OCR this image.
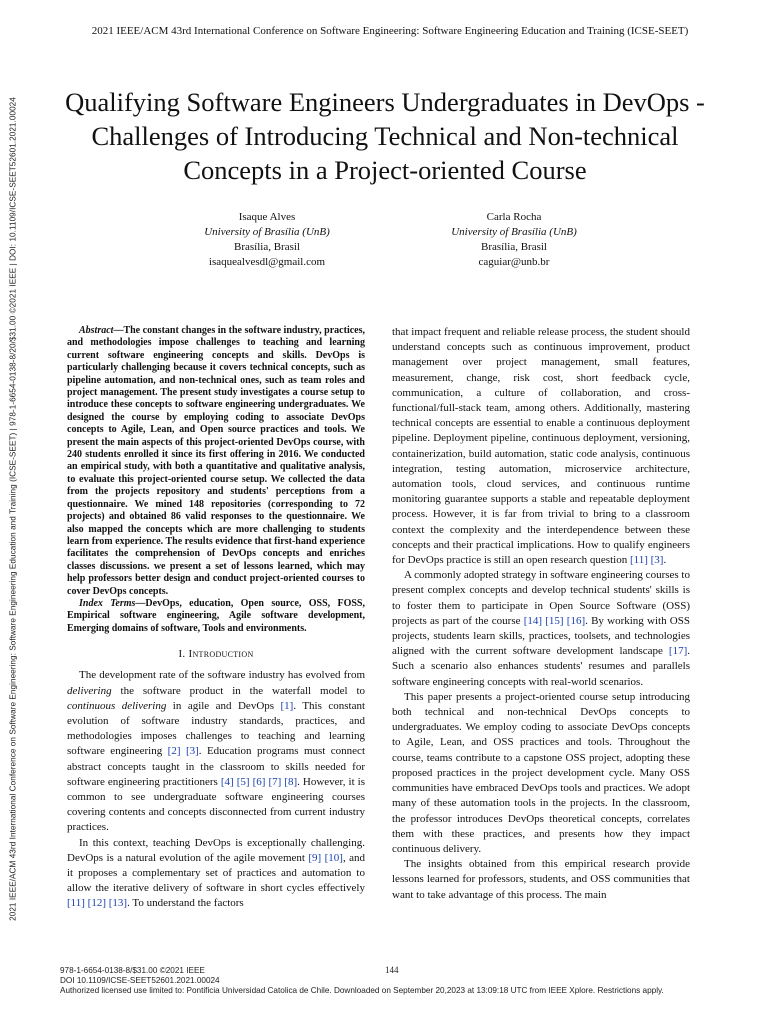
2021 IEEE/ACM 43rd International Conference on Software Engineering: Software Engineering Education and Training (ICSE-SEET) | 978-1-6654-0138-8/20/$31.00 ©2021 IEEE | DOI: 10.1109/ICSE-SEET52601.2021.00024
2021 IEEE/ACM 43rd International Conference on Software Engineering: Software Engineering Education and Training (ICSE-SEET)
Qualifying Software Engineers Undergraduates in DevOps - Challenges of Introducing Technical and Non-technical Concepts in a Project-oriented Course
Isaque Alves
University of Brasília (UnB)
Brasília, Brasil
isaquealvesdl@gmail.com
Carla Rocha
University of Brasília (UnB)
Brasília, Brasil
caguiar@unb.br

Abstract—The constant changes in the software industry, practices, and methodologies impose challenges to teaching and learning current software engineering concepts and skills. DevOps is particularly challenging because it covers technical concepts, such as pipeline automation, and non-technical ones, such as team roles and project management. The present study investigates a course setup to introduce these concepts to software engineering undergraduates. We designed the course by employing coding to associate DevOps concepts to Agile, Lean, and Open source practices and tools. We present the main aspects of this project-oriented DevOps course, with 240 students enrolled it since its first offering in 2016. We conducted an empirical study, with both a quantitative and qualitative analysis, to evaluate this project-oriented course setup. We collected the data from the projects repository and students' perceptions from a questionnaire. We mined 148 repositories (corresponding to 72 projects) and obtained 86 valid responses to the questionnaire. We also mapped the concepts which are more challenging to students learn from experience. The results evidence that first-hand experience facilitates the comprehension of DevOps concepts and enriches classes discussions. we present a set of lessons learned, which may help professors better design and conduct project-oriented courses to cover DevOps concepts.

Index Terms—DevOps, education, Open source, OSS, FOSS, Empirical software engineering, Agile software development, Emerging domains of software, Tools and environments.

I. Introduction

The development rate of the software industry has evolved from delivering the software product in the waterfall model to continuous delivering in agile and DevOps [1]. This constant evolution of software industry standards, practices, and methodologies imposes challenges to teaching and learning software engineering [2] [3]. Education programs must connect abstract concepts taught in the classroom to skills needed for software engineering practitioners [4] [5] [6] [7] [8]. However, it is common to see undergraduate software engineering courses covering contents and concepts disconnected from current industry practices.

In this context, teaching DevOps is exceptionally challenging. DevOps is a natural evolution of the agile movement [9] [10], and it proposes a complementary set of practices and automation to allow the iterative delivery of software in short cycles effectively [11] [12] [13]. To understand the factors

that impact frequent and reliable release process, the student should understand concepts such as continuous improvement, product management over project management, small features, measurement, change, risk cost, short feedback cycle, communication, a culture of collaboration, and cross-functional/full-stack team, among others. Additionally, mastering technical concepts are essential to enable a continuous deployment pipeline. Deployment pipeline, continuous deployment, versioning, containerization, build automation, static code analysis, continuous integration, testing automation, microservice architecture, automation tools, cloud services, and continuous runtime monitoring guarantee supports a stable and repeatable deployment process. However, it is far from trivial to bring to a classroom context the complexity and the interdependence between these concepts and their practical implications. How to qualify engineers for DevOps practice is still an open research question [11] [3].

A commonly adopted strategy in software engineering courses to present complex concepts and develop technical students' skills is to foster them to participate in Open Source Software (OSS) projects as part of the course [14] [15] [16]. By working with OSS projects, students learn skills, practices, toolsets, and technologies aligned with the current software development landscape [17]. Such a scenario also enhances students' resumes and parallels software engineering concepts with real-world scenarios.

This paper presents a project-oriented course setup introducing both technical and non-technical DevOps concepts to undergraduates. We employ coding to associate DevOps concepts to Agile, Lean, and OSS practices and tools. Throughout the course, teams contribute to a capstone OSS project, adopting these proposed practices in the project development cycle. Many OSS communities have embraced DevOps tools and practices. We adopt many of these automation tools in the projects. In the classroom, the professor introduces DevOps theoretical concepts, correlates them with these practices, and presents how they impact continuous delivery.

The insights obtained from this empirical research provide lessons learned for professors, students, and OSS communities that want to take advantage of this process. The main

144
978-1-6654-0138-8/$31.00 ©2021 IEEE
DOI 10.1109/ICSE-SEET52601.2021.00024
Authorized licensed use limited to: Pontificia Universidad Catolica de Chile. Downloaded on September 20,2023 at 13:09:18 UTC from IEEE Xplore. Restrictions apply.
